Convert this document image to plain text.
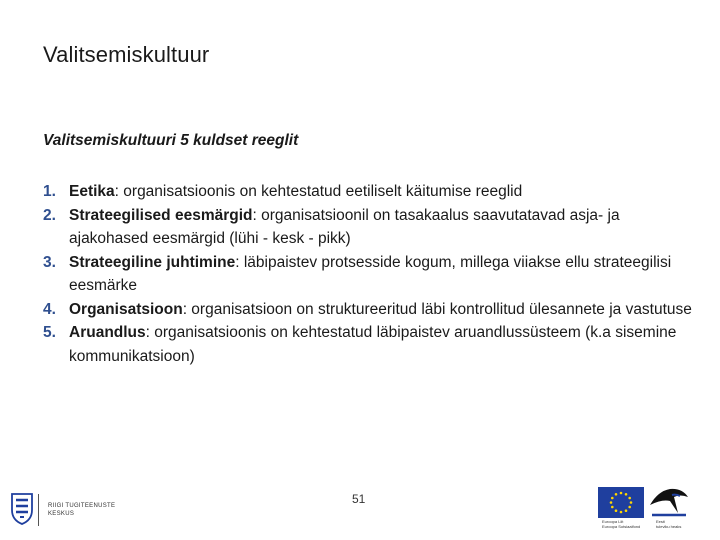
Valitsemiskultuur
Valitsemiskultuuri 5 kuldset reeglit
1. Eetika: organisatsioonis on kehtestatud eetiliselt käitumise reeglid
2. Strateegilised eesmärgid: organisatsioonil on tasakaalus saavutatavad asja- ja ajakohased eesmärgid (lühi - kesk - pikk)
3. Strateegiline juhtimine: läbipaistev protsesside kogum, millega viiakse ellu strateegilisi eesmärke
4. Organisatsioon: organisatsioon on struktureeritud läbi kontrollitud ülesannete ja vastutuse
5. Aruandlus: organisatsioonis on kehtestatud läbipaistev aruandlussüsteem (k.a sisemine kommunikatsioon)
51
RIIGI TUGITEENUSTE
KESKUS
Euroopa Liit
Euroopa Sotsiaalfond
Eesti
tuleviku heaks
